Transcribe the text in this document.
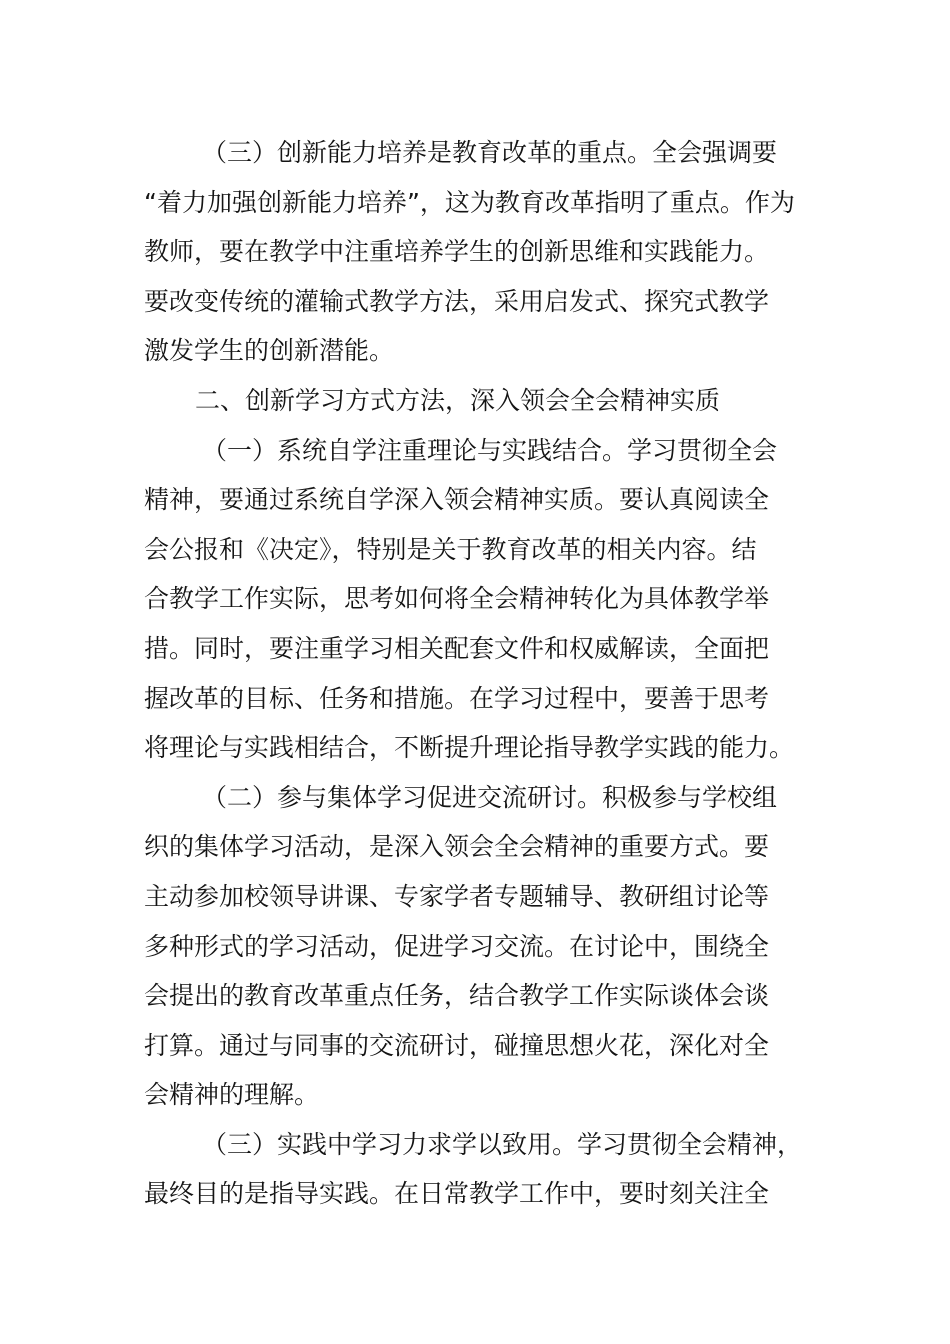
（三）创新能力培养是教育改革的重点。全会强调要
“着力加强创新能力培养”，这为教育改革指明了重点。作为
教师，要在教学中注重培养学生的创新思维和实践能力。
要改变传统的灌输式教学方法，采用启发式、探究式教学
激发学生的创新潜能。
二、创新学习方式方法，深入领会全会精神实质
（一）系统自学注重理论与实践结合。学习贯彻全会
精神，要通过系统自学深入领会精神实质。要认真阅读全
会公报和《决定》，特别是关于教育改革的相关内容。结
合教学工作实际，思考如何将全会精神转化为具体教学举
措。同时，要注重学习相关配套文件和权威解读，全面把
握改革的目标、任务和措施。在学习过程中，要善于思考
将理论与实践相结合，不断提升理论指导教学实践的能力。
（二）参与集体学习促进交流研讨。积极参与学校组
织的集体学习活动，是深入领会全会精神的重要方式。要
主动参加校领导讲课、专家学者专题辅导、教研组讨论等
多种形式的学习活动，促进学习交流。在讨论中，围绕全
会提出的教育改革重点任务，结合教学工作实际谈体会谈
打算。通过与同事的交流研讨，碰撞思想火花，深化对全
会精神的理解。
（三）实践中学习力求学以致用。学习贯彻全会精神，
最终目的是指导实践。在日常教学工作中，要时刻关注全
